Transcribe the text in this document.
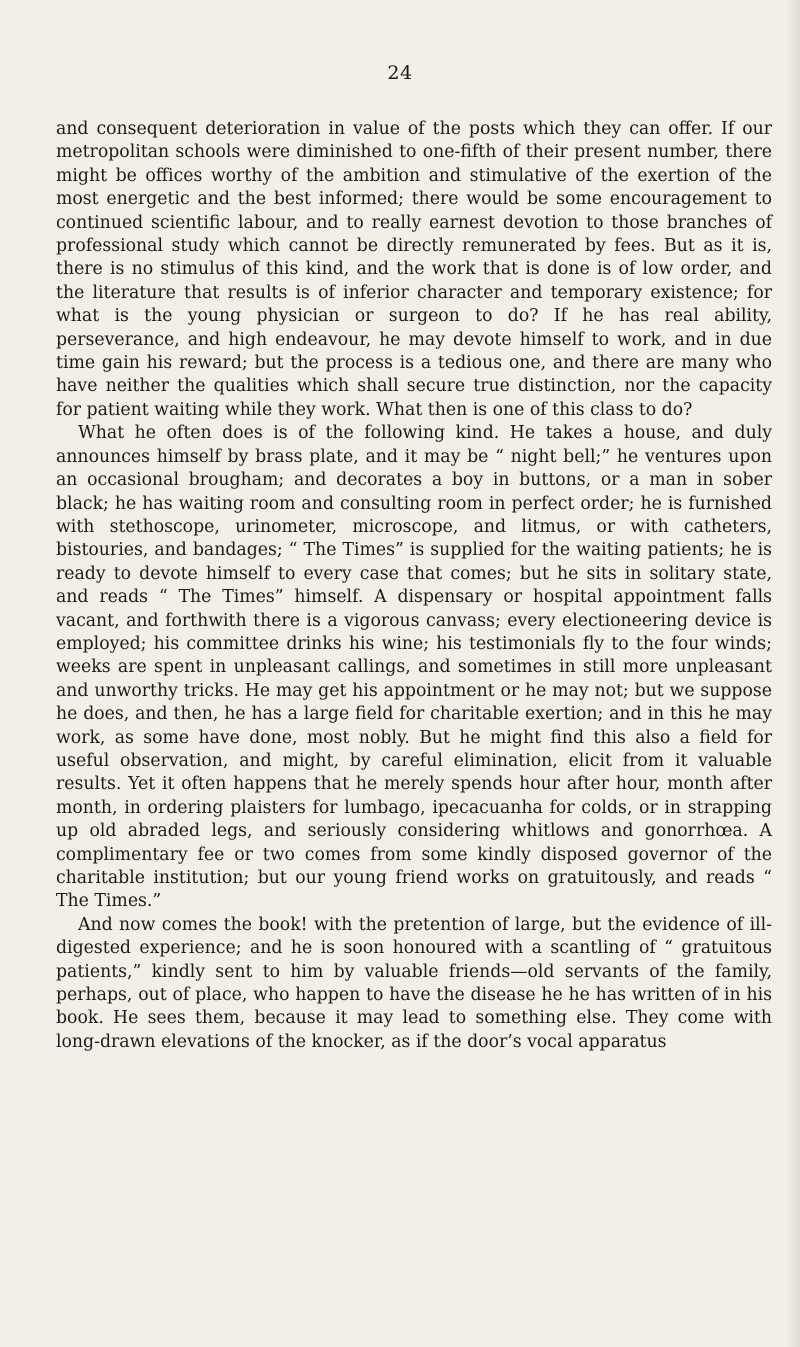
24

and consequent deterioration in value of the posts which they can offer. If our metropolitan schools were diminished to one-fifth of their present number, there might be offices worthy of the ambition and stimulative of the exertion of the most energetic and the best informed; there would be some encouragement to continued scientific labour, and to really earnest devotion to those branches of professional study which cannot be directly remunerated by fees. But as it is, there is no stimulus of this kind, and the work that is done is of low order, and the literature that results is of inferior character and temporary existence; for what is the young physician or surgeon to do? If he has real ability, perseverance, and high endeavour, he may devote himself to work, and in due time gain his reward; but the process is a tedious one, and there are many who have neither the qualities which shall secure true distinction, nor the capacity for patient waiting while they work. What then is one of this class to do?

What he often does is of the following kind. He takes a house, and duly announces himself by brass plate, and it may be “ night bell;” he ventures upon an occasional brougham; and decorates a boy in buttons, or a man in sober black; he has waiting room and consulting room in perfect order; he is furnished with stethoscope, urinometer, microscope, and litmus, or with catheters, bistouries, and bandages; “ The Times” is supplied for the waiting patients; he is ready to devote himself to every case that comes; but he sits in solitary state, and reads “ The Times” himself. A dispensary or hospital appointment falls vacant, and forthwith there is a vigorous canvass; every electioneering device is employed; his committee drinks his wine; his testimonials fly to the four winds; weeks are spent in unpleasant callings, and sometimes in still more unpleasant and unworthy tricks. He may get his appointment or he may not; but we suppose he does, and then, he has a large field for charitable exertion; and in this he may work, as some have done, most nobly. But he might find this also a field for useful observation, and might, by careful elimination, elicit from it valuable results. Yet it often happens that he merely spends hour after hour, month after month, in ordering plaisters for lumbago, ipecacuanha for colds, or in strapping up old abraded legs, and seriously considering whitlows and gonorrhœa. A complimentary fee or two comes from some kindly disposed governor of the charitable institution; but our young friend works on gratuitously, and reads “ The Times.”

And now comes the book! with the pretention of large, but the evidence of ill-digested experience; and he is soon honoured with a scantling of “ gratuitous patients,” kindly sent to him by valuable friends—old servants of the family, perhaps, out of place, who happen to have the disease he he has written of in his book. He sees them, because it may lead to something else. They come with long-drawn elevations of the knocker, as if the door’s vocal apparatus
